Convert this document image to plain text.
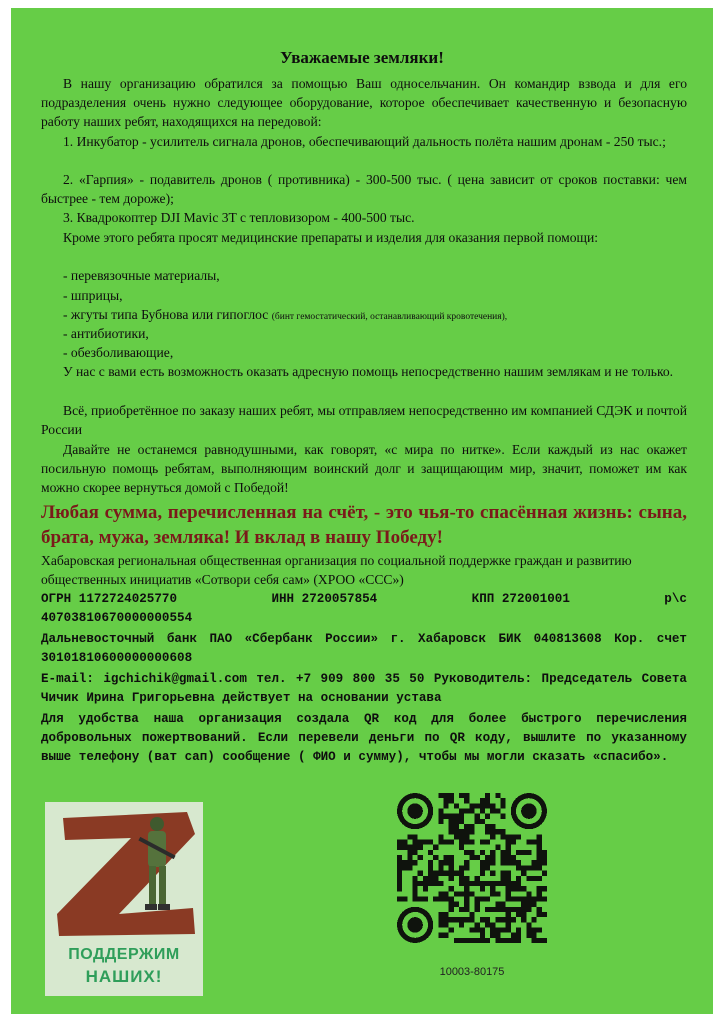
Уважаемые земляки!

В нашу организацию обратился за помощью Ваш односельчанин. Он командир взвода и для его подразделения очень нужно следующее оборудование, которое обеспечивает качественную и безопасную работу наших ребят, находящихся на передовой:

1. Инкубатор - усилитель сигнала дронов, обеспечивающий дальность полёта нашим дронам - 250 тыс.;

2. «Гарпия» - подавитель дронов ( противника) - 300-500 тыс. ( цена зависит от сроков поставки: чем быстрее - тем дороже);

3. Квадрокоптер DJI Mavic 3T с тепловизором - 400-500 тыс.

Кроме этого ребята просят медицинские препараты и изделия для оказания первой помощи:

- перевязочные материалы,

- шприцы,

- жгуты типа Бубнова или гипоглос (бинт гемостатический, останавливающий кровотечения),

- антибиотики,

- обезболивающие,

У нас с вами есть возможность оказать адресную помощь непосредственно нашим землякам и не только.

Всё, приобретённое по заказу наших ребят, мы отправляем непосредственно им компанией СДЭК и почтой России

Давайте не останемся равнодушными, как говорят, «с мира по нитке». Если каждый из нас окажет посильную помощь ребятам, выполняющим воинский долг и защищающим мир, значит, поможет им как можно скорее вернуться домой с Победой!

Любая сумма, перечисленная на счёт, - это чья-то спасённая жизнь: сына, брата, мужа, земляка! И вклад в нашу Победу!

Хабаровская региональная общественная организация по социальной поддержке граждан и развитию общественных инициатив «Сотвори себя сам» (ХРОО «ССС»)

ОГРН 1172724025770	ИНН 2720057854	КПП 272001001	р\с

40703810670000000554

Дальневосточный банк ПАО «Сбербанк России» г. Хабаровск БИК 040813608 Кор. счет 30101810600000000608

E-mail: igchichik@gmail.com тел. +7 909 800 35 50 Руководитель: Председатель Совета Чичик Ирина Григорьевна действует на основании устава

Для удобства наша организация создала QR код для более быстрого перечисления добровольных пожертвований. Если перевели деньги по QR коду, вышлите по указанному выше телефону (ват сап) сообщение ( ФИО и сумму), чтобы мы могли сказать «спасибо».

ПОДДЕРЖИМ
НАШИХ!	10003-80175
